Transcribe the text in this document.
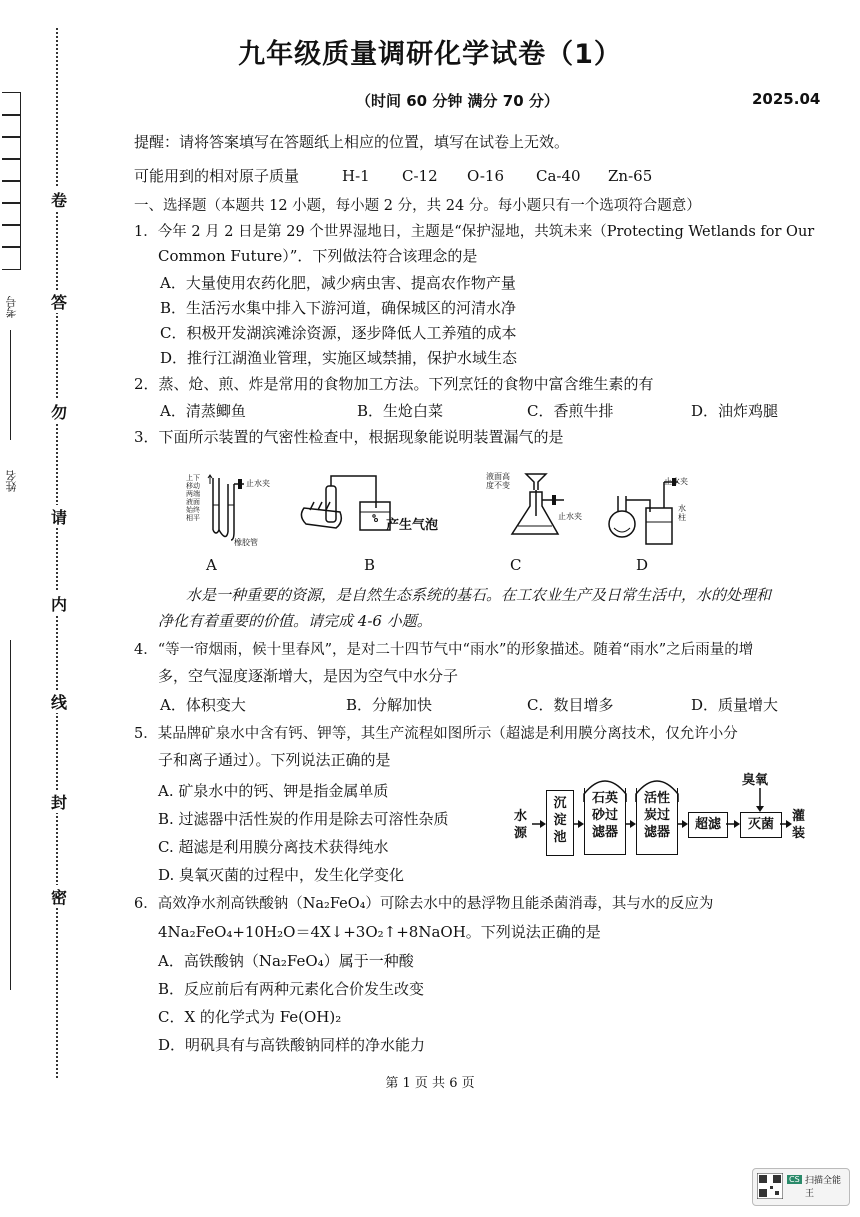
卷
答
勿
请
内
线
封
密
考号
姓名
九年级质量调研化学试卷（1）
（时间 60 分钟 满分 70 分）	2025.04
提醒：请将答案填写在答题纸上相应的位置，填写在试卷上无效。
可能用到的相对原子质量	H-1 C-12 O-16 Ca-40 Zn-65
一、选择题（本题共 12 小题，每小题 2 分，共 24 分。每小题只有一个选项符合题意）
1．今年 2 月 2 日是第 29 个世界湿地日，主题是“保护湿地，共筑未来（Protecting Wetlands for Our
Common Future）”．下列做法符合该理念的是
A．大量使用农药化肥，减少病虫害、提高农作物产量
B．生活污水集中排入下游河道，确保城区的河清水净
C．积极开发湖滨滩涂资源，逐步降低人工养殖的成本
D．推行江湖渔业管理，实施区域禁捕，保护水域生态
2．蒸、炝、煎、炸是常用的食物加工方法。下列烹饪的食物中富含维生素的有
A．清蒸鲫鱼	B．生炝白菜	C．香煎牛排	D．油炸鸡腿
3．下面所示装置的气密性检查中，根据现象能说明装置漏气的是
上下
移动
两端
液面
始终
相平
止水夹
橡胶管
产生气泡
液面高
度不变
止水夹
止水夹
水
柱
A	B	C	D
水是一种重要的资源，是自然生态系统的基石。在工农业生产及日常生活中，水的处理和
净化有着重要的价值。请完成 4-6 小题。
4．“等一帘烟雨，候十里春风”，是对二十四节气中“雨水”的形象描述。随着“雨水”之后雨量的增
多，空气湿度逐渐增大，是因为空气中水分子
A．体积变大	B．分解加快	C．数目增多	D．质量增大
5．某品牌矿泉水中含有钙、钾等，其生产流程如图所示（超滤是利用膜分离技术，仅允许小分
子和离子通过）。下列说法正确的是
A. 矿泉水中的钙、钾是指金属单质
B. 过滤器中活性炭的作用是除去可溶性杂质
C. 超滤是利用膜分离技术获得纯水
D. 臭氧灭菌的过程中，发生化学变化
水
源
沉
淀
池
石英
砂过
滤器
活性
炭过
滤器
超滤	灭菌
臭氧
灌
装
6．高效净水剂高铁酸钠（Na₂FeO₄）可除去水中的悬浮物且能杀菌消毒，其与水的反应为
4Na₂FeO₄+10H₂O＝4X↓+3O₂↑+8NaOH。下列说法正确的是
A．高铁酸钠（Na₂FeO₄）属于一种酸
B．反应前后有两种元素化合价发生改变
C．X 的化学式为 Fe(OH)₂
D．明矾具有与高铁酸钠同样的净水能力
第 1 页 共 6 页
CS 扫描全能王
